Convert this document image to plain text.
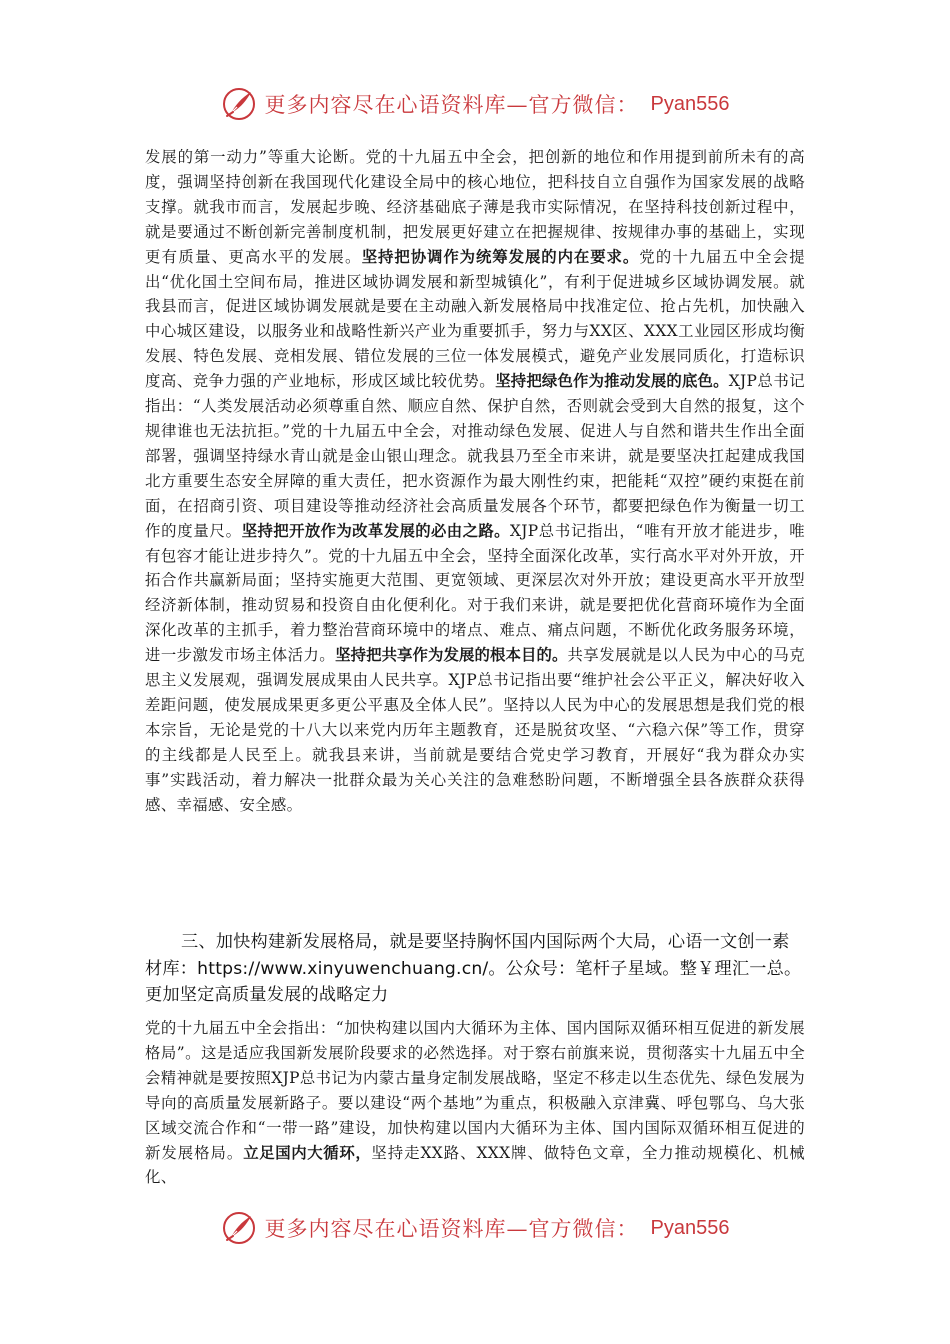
更多内容尽在心语资料库—官方微信： Pyan556

发展的第一动力”等重大论断。党的十九届五中全会，把创新的地位和作用提到前所未有的高度，强调坚持创新在我国现代化建设全局中的核心地位，把科技自立自强作为国家发展的战略支撑。就我市而言，发展起步晚、经济基础底子薄是我市实际情况，在坚持科技创新过程中，就是要通过不断创新完善制度机制，把发展更好建立在把握规律、按规律办事的基础上，实现更有质量、更高水平的发展。坚持把协调作为统筹发展的内在要求。党的十九届五中全会提出“优化国土空间布局，推进区域协调发展和新型城镇化”，有利于促进城乡区域协调发展。就我县而言，促进区域协调发展就是要在主动融入新发展格局中找准定位、抢占先机，加快融入中心城区建设，以服务业和战略性新兴产业为重要抓手，努力与XX区、XXX工业园区形成均衡发展、特色发展、竞相发展、错位发展的三位一体发展模式，避免产业发展同质化，打造标识度高、竞争力强的产业地标，形成区域比较优势。坚持把绿色作为推动发展的底色。XJP总书记指出：“人类发展活动必须尊重自然、顺应自然、保护自然，否则就会受到大自然的报复，这个规律谁也无法抗拒。”党的十九届五中全会，对推动绿色发展、促进人与自然和谐共生作出全面部署，强调坚持绿水青山就是金山银山理念。就我县乃至全市来讲，就是要坚决扛起建成我国北方重要生态安全屏障的重大责任，把水资源作为最大刚性约束，把能耗“双控”硬约束挺在前面，在招商引资、项目建设等推动经济社会高质量发展各个环节，都要把绿色作为衡量一切工作的度量尺。坚持把开放作为改革发展的必由之路。XJP总书记指出，“唯有开放才能进步，唯有包容才能让进步持久”。党的十九届五中全会，坚持全面深化改革，实行高水平对外开放，开拓合作共赢新局面；坚持实施更大范围、更宽领域、更深层次对外开放；建设更高水平开放型经济新体制，推动贸易和投资自由化便利化。对于我们来讲，就是要把优化营商环境作为全面深化改革的主抓手，着力整治营商环境中的堵点、难点、痛点问题，不断优化政务服务环境，进一步激发市场主体活力。坚持把共享作为发展的根本目的。共享发展就是以人民为中心的马克思主义发展观，强调发展成果由人民共享。XJP总书记指出要“维护社会公平正义，解决好收入差距问题，使发展成果更多更公平惠及全体人民”。坚持以人民为中心的发展思想是我们党的根本宗旨，无论是党的十八大以来党内历年主题教育，还是脱贫攻坚、“六稳六保”等工作，贯穿的主线都是人民至上。就我县来讲，当前就是要结合党史学习教育，开展好“我为群众办实事”实践活动，着力解决一批群众最为关心关注的急难愁盼问题，不断增强全县各族群众获得感、幸福感、安全感。

三、加快构建新发展格局，就是要坚持胸怀国内国际两个大局，心语一文创一素材库：https://www.xinyuwenchuang.cn/。公众号：笔杆子星域。整￥理汇一总。更加坚定高质量发展的战略定力

党的十九届五中全会指出：“加快构建以国内大循环为主体、国内国际双循环相互促进的新发展格局”。这是适应我国新发展阶段要求的必然选择。对于察右前旗来说，贯彻落实十九届五中全会精神就是要按照XJP总书记为内蒙古量身定制发展战略，坚定不移走以生态优先、绿色发展为导向的高质量发展新路子。要以建设“两个基地”为重点，积极融入京津冀、呼包鄂乌、乌大张区域交流合作和“一带一路”建设，加快构建以国内大循环为主体、国内国际双循环相互促进的新发展格局。立足国内大循环，坚持走XX路、XXX牌、做特色文章，全力推动规模化、机械化、

更多内容尽在心语资料库—官方微信： Pyan556
